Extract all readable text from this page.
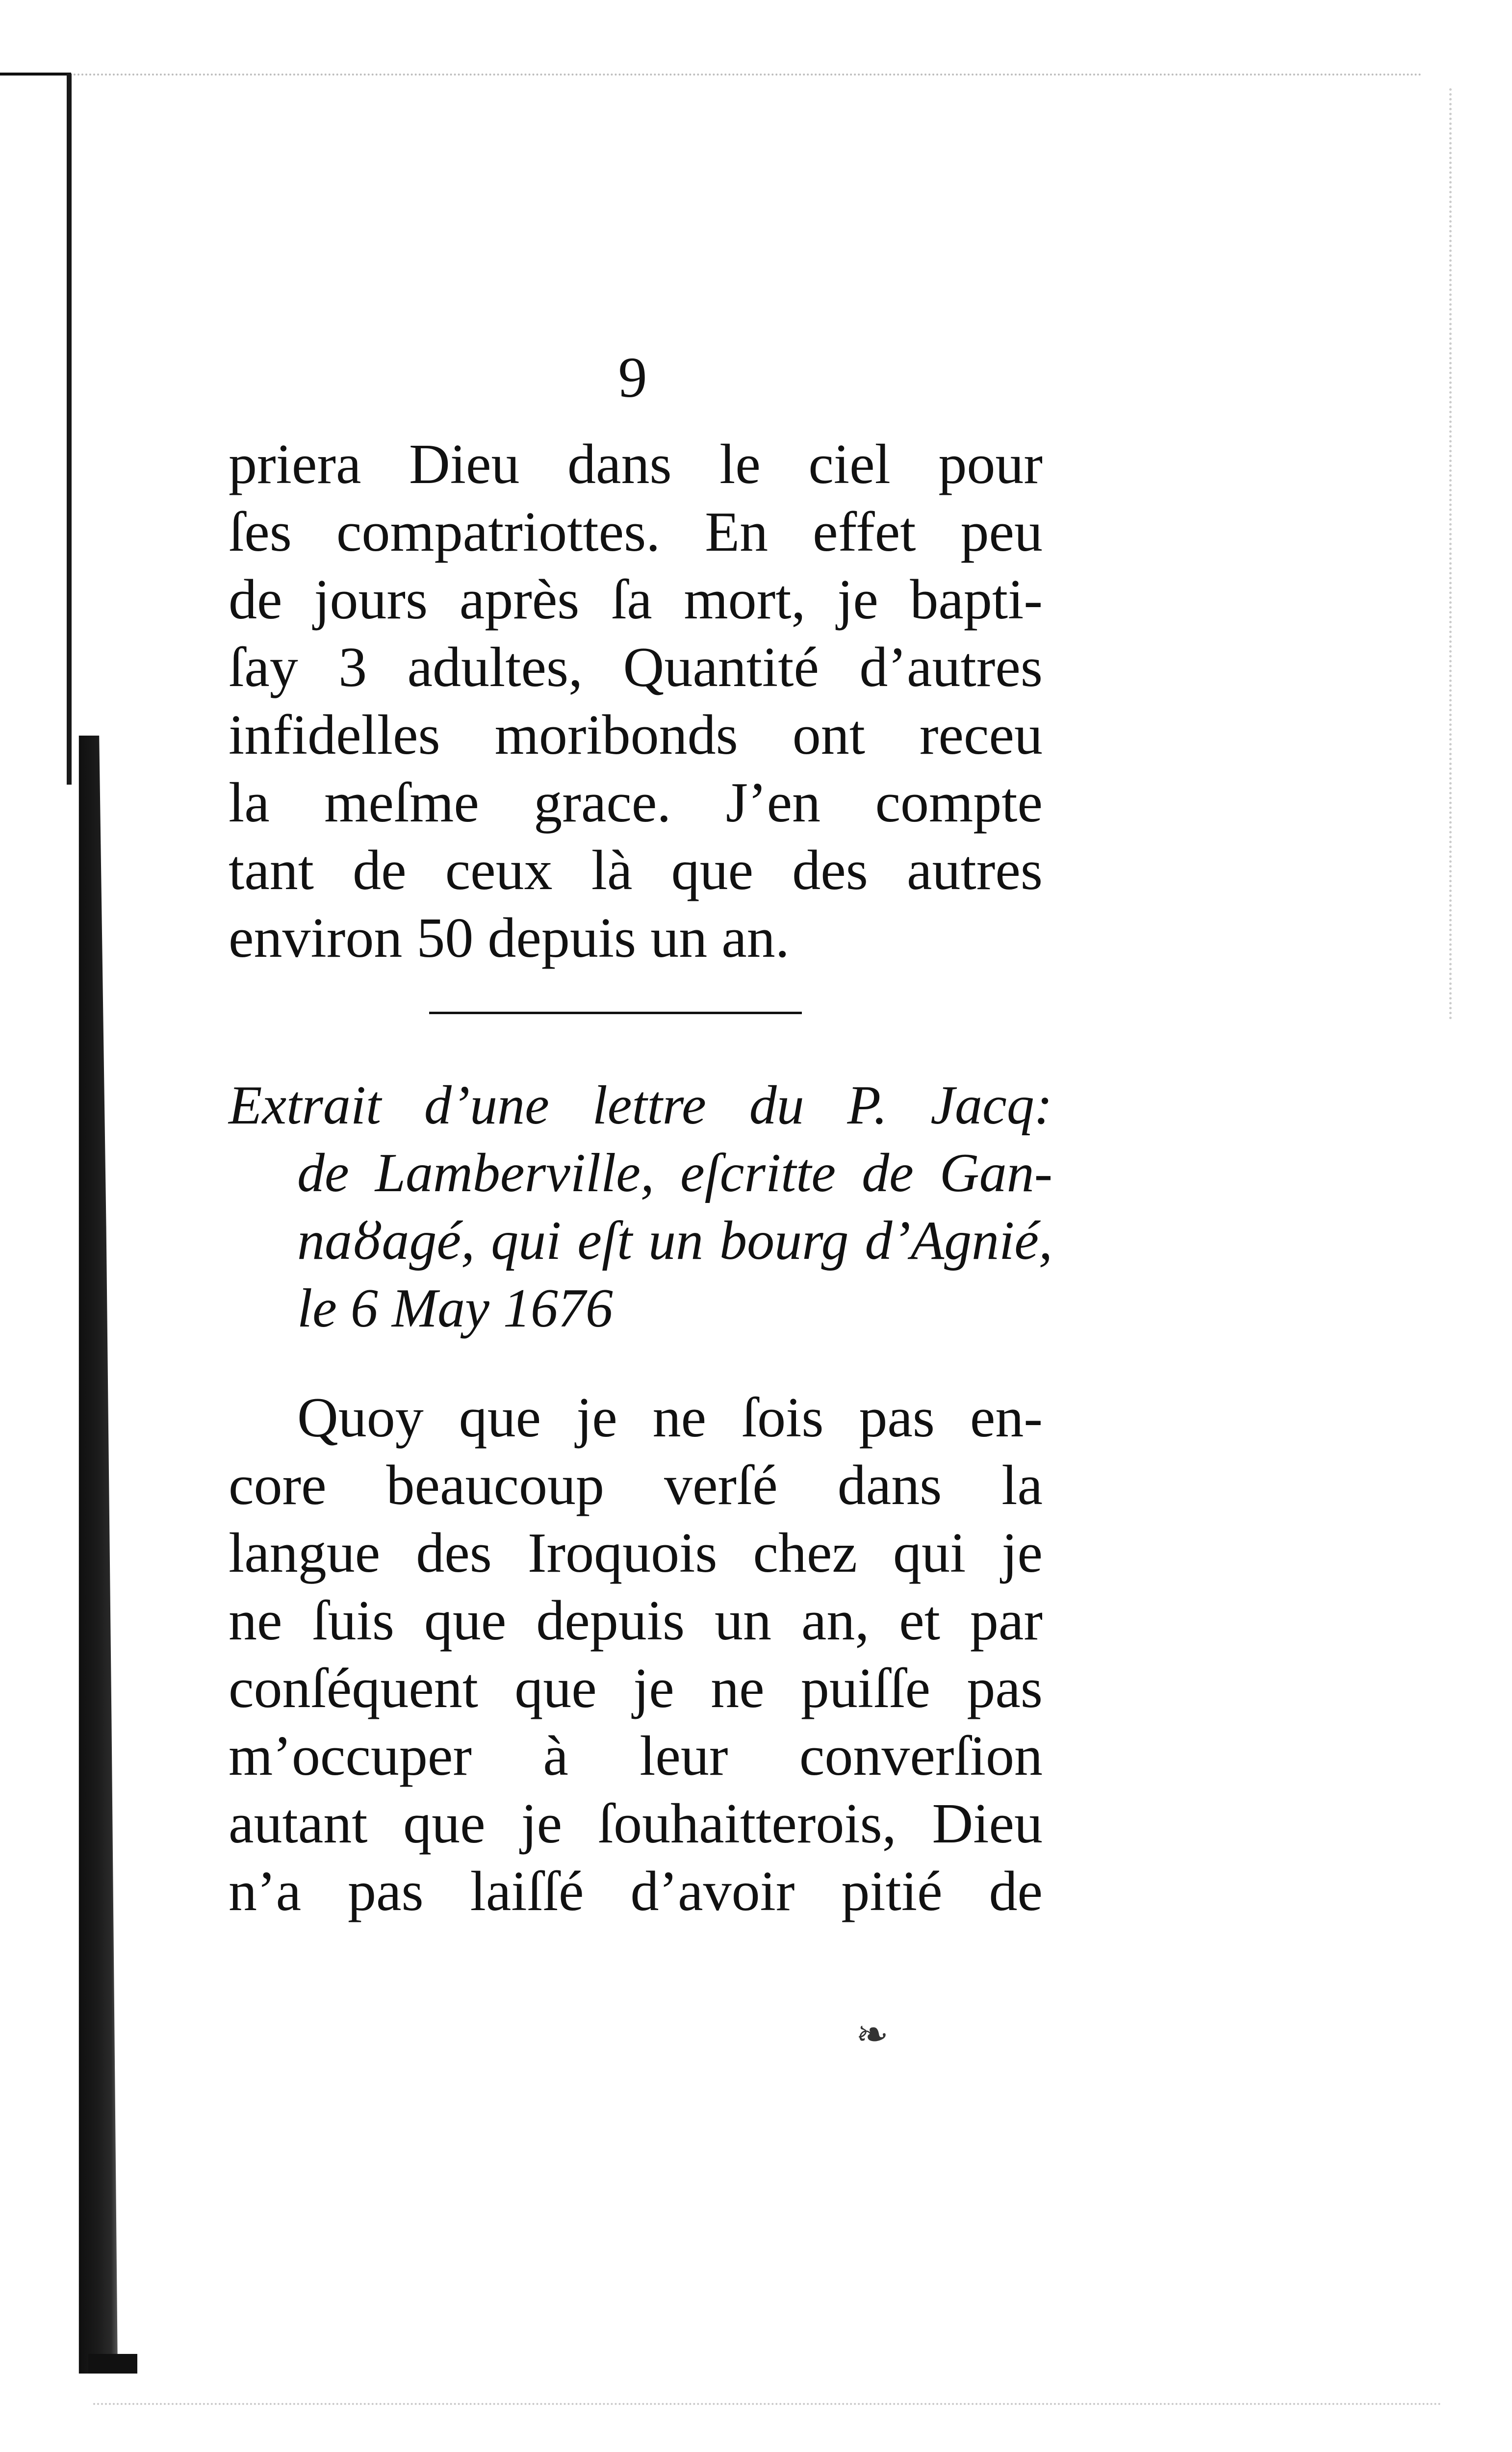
9
priera Dieu dans le ciel pour
ſes compatriottes. En effet peu
de jours après ſa mort, je bapti-
ſay 3 adultes, Quantité d’autres
infidelles moribonds ont receu
la meſme grace. J’en compte
tant de ceux là que des autres
environ 50 depuis un an.
Extrait d’une lettre du P. Jacq:
de Lamberville, eſcritte de Gan-
naȣagé, qui eſt un bourg d’Agnié,
le 6 May 1676
Quoy que je ne ſois pas en-
core beaucoup verſé dans la
langue des Iroquois chez qui je
ne ſuis que depuis un an, et par
conſéquent que je ne puiſſe pas
m’occuper à leur converſion
autant que je ſouhaitterois, Dieu
n’a pas laiſſé d’avoir pitié de
❧
